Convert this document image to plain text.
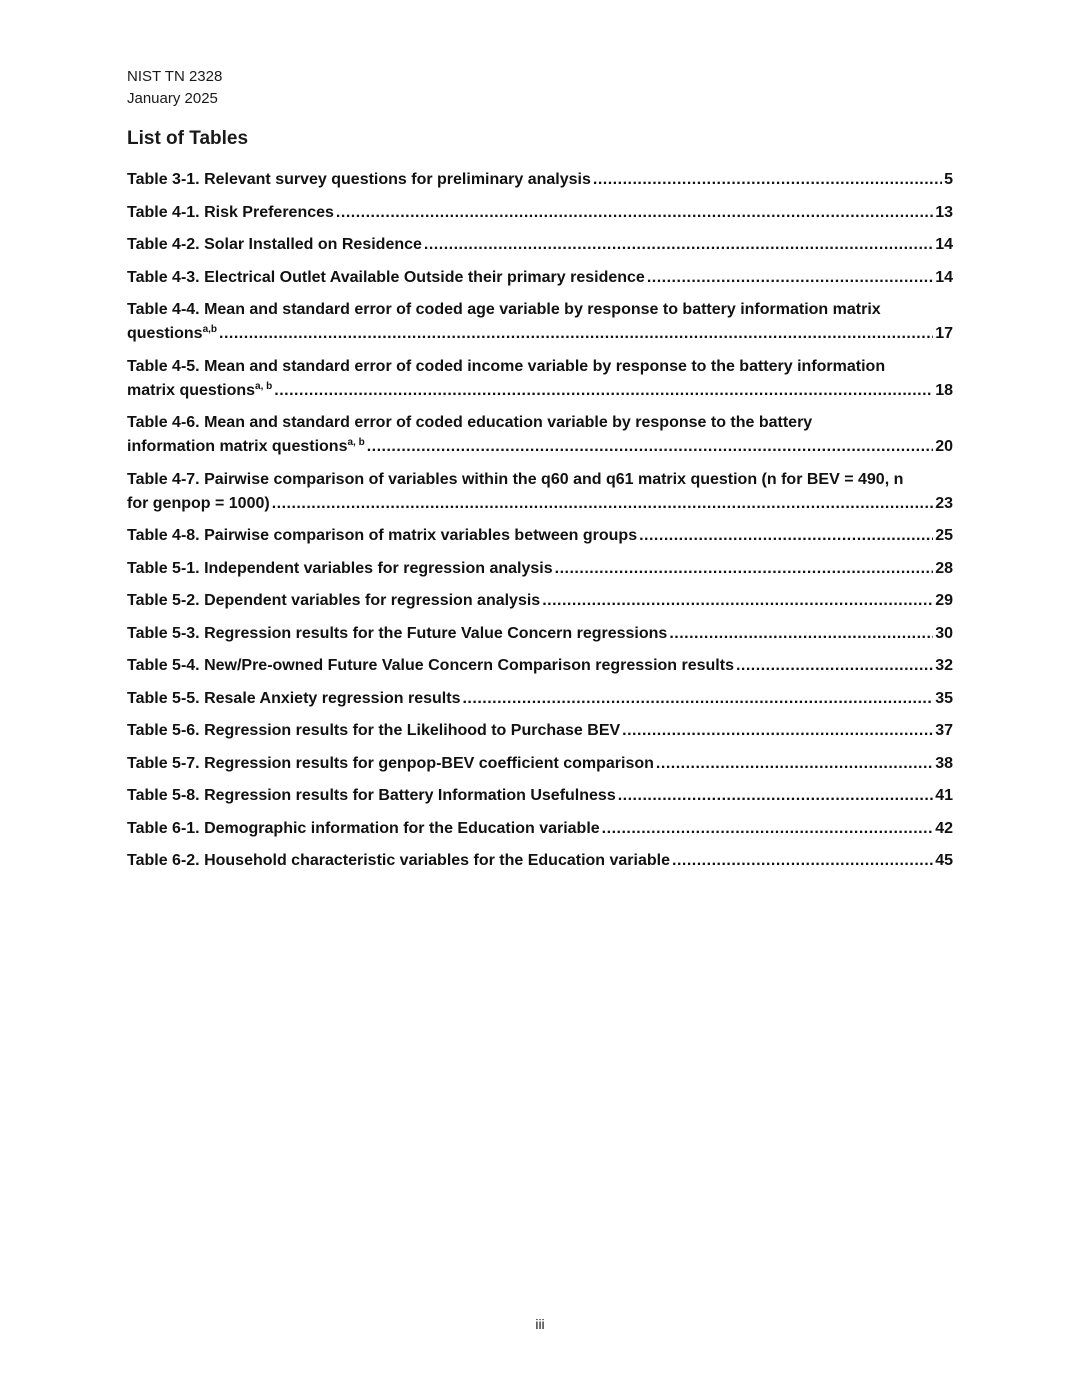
NIST TN 2328
January 2025
List of Tables
Table 3-1. Relevant survey questions for preliminary analysis .....	5
Table 4-1. Risk Preferences .....	13
Table 4-2. Solar Installed on Residence .....	14
Table 4-3. Electrical Outlet Available Outside their primary residence .....	14
Table 4-4. Mean and standard error of coded age variable by response to battery information matrix
questions$^{a,b}$ .....	17
Table 4-5. Mean and standard error of coded income variable by response to the battery information
matrix questions$^{a, b}$ .....	18
Table 4-6. Mean and standard error of coded education variable by response to the battery
information matrix questions$^{a, b}$ .....	20
Table 4-7. Pairwise comparison of variables within the q60 and q61 matrix question (n for BEV = 490, n
for genpop = 1000) .....	23
Table 4-8. Pairwise comparison of matrix variables between groups .....	25
Table 5-1. Independent variables for regression analysis .....	28
Table 5-2. Dependent variables for regression analysis .....	29
Table 5-3. Regression results for the Future Value Concern regressions .....	30
Table 5-4. New/Pre-owned Future Value Concern Comparison regression results .....	32
Table 5-5. Resale Anxiety regression results .....	35
Table 5-6. Regression results for the Likelihood to Purchase BEV .....	37
Table 5-7. Regression results for genpop-BEV coefficient comparison .....	38
Table 5-8. Regression results for Battery Information Usefulness .....	41
Table 6-1. Demographic information for the Education variable .....	42
Table 6-2. Household characteristic variables for the Education variable .....	45
iii
